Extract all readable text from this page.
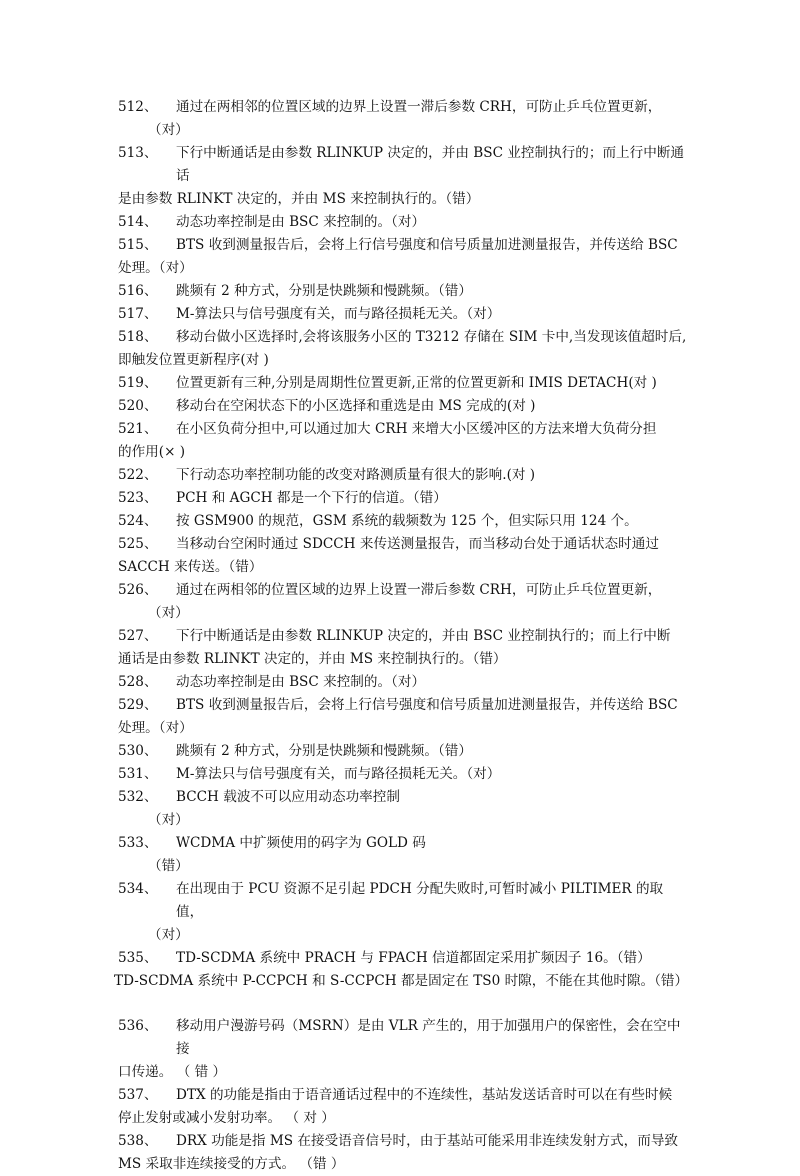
512、	通过在两相邻的位置区域的边界上设置一滞后参数 CRH，可防止乒乓位置更新，
（对）
513、	下行中断通话是由参数 RLINKUP 决定的，并由 BSC 业控制执行的；而上行中断通话
是由参数 RLINKT 决定的，并由 MS 来控制执行的。（错）
514、	动态功率控制是由 BSC 来控制的。（对）
515、	BTS 收到测量报告后，会将上行信号强度和信号质量加进测量报告，并传送给 BSC
处理。（对）
516、	跳频有 2 种方式，分别是快跳频和慢跳频。（错）
517、	M-算法只与信号强度有关，而与路径损耗无关。（对）
518、	移动台做小区选择时,会将该服务小区的 T3212 存储在 SIM 卡中,当发现该值超时后,
即触发位置更新程序(对 )
519、	位置更新有三种,分别是周期性位置更新,正常的位置更新和 IMIS DETACH(对 )
520、	移动台在空闲状态下的小区选择和重选是由 MS 完成的(对 )
521、	在小区负荷分担中,可以通过加大 CRH 来增大小区缓冲区的方法来增大负荷分担
的作用(× )
522、	下行动态功率控制功能的改变对路测质量有很大的影响.(对 )
523、	PCH 和 AGCH 都是一个下行的信道。（错）
524、	按 GSM900 的规范，GSM 系统的载频数为 125 个，但实际只用 124 个。
525、	当移动台空闲时通过 SDCCH 来传送测量报告，而当移动台处于通话状态时通过
SACCH 来传送。（错）
526、	通过在两相邻的位置区域的边界上设置一滞后参数 CRH，可防止乒乓位置更新，
（对）
527、	下行中断通话是由参数 RLINKUP 决定的，并由 BSC 业控制执行的；而上行中断
通话是由参数 RLINKT 决定的，并由 MS 来控制执行的。（错）
528、	动态功率控制是由 BSC 来控制的。（对）
529、	BTS 收到测量报告后，会将上行信号强度和信号质量加进测量报告，并传送给 BSC
处理。（对）
530、	跳频有 2 种方式，分别是快跳频和慢跳频。（错）
531、	M-算法只与信号强度有关，而与路径损耗无关。（对）
532、	BCCH 载波不可以应用动态功率控制
（对）
533、	WCDMA 中扩频使用的码字为 GOLD 码
（错）
534、	在出现由于 PCU 资源不足引起 PDCH 分配失败时,可暂时减小 PILTIMER 的取值，
（对）
535、	TD-SCDMA 系统中 PRACH 与 FPACH 信道都固定采用扩频因子 16。（错）
TD-SCDMA 系统中 P-CCPCH 和 S-CCPCH 都是固定在 TS0 时隙，不能在其他时隙。（错）
536、	移动用户漫游号码（MSRN）是由 VLR 产生的，用于加强用户的保密性，会在空中接
口传递。 （ 错 ）
537、	DTX 的功能是指由于语音通话过程中的不连续性，基站发送话音时可以在有些时候
停止发射或减小发射功率。 （ 对 ）
538、	DRX 功能是指 MS 在接受语音信号时，由于基站可能采用非连续发射方式，而导致
MS 采取非连续接受的方式。 （错 ）
